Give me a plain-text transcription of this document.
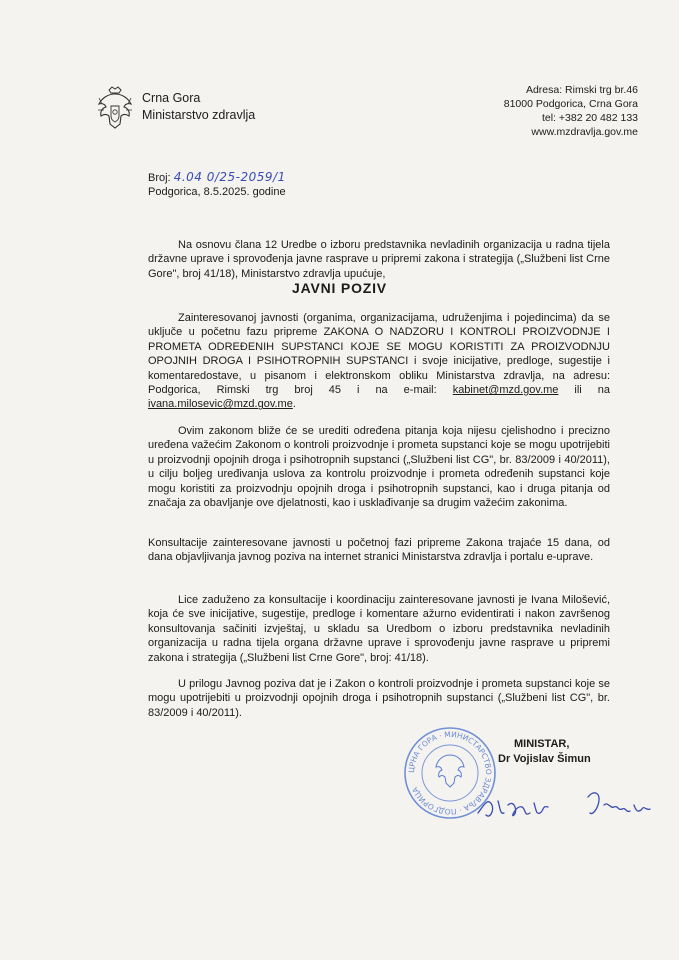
Crna Gora
Ministarstvo zdravlja
Adresa: Rimski trg br.46
81000 Podgorica, Crna Gora
tel: +382 20 482 133
www.mzdravlja.gov.me
Broj: 4.04 0/25-2059/1
Podgorica, 8.5.2025. godine
Na osnovu člana 12 Uredbe o izboru predstavnika nevladinih organizacija u radna tijela državne uprave i sprovođenja javne rasprave u pripremi zakona i strategija („Službeni list Crne Gore", broj 41/18), Ministarstvo zdravlja upućuje,
JAVNI POZIV
Zainteresovanoj javnosti (organima, organizacijama, udruženjima i pojedincima) da se uključe u početnu fazu pripreme ZAKONA O NADZORU I KONTROLI PROIZVODNJE I PROMETA ODREĐENIH SUPSTANCI KOJE SE MOGU KORISTITI ZA PROIZVODNJU OPOJNIH DROGA I PSIHOTROPNIH SUPSTANCI i svoje inicijative, predloge, sugestije i komentaredostave, u pisanom i elektronskom obliku Ministarstva zdravlja, na adresu: Podgorica, Rimski trg broj 45 i na e-mail: kabinet@mzd.gov.me ili na ivana.milosevic@mzd.gov.me.
Ovim zakonom bliže će se urediti određena pitanja koja nijesu cjelishodno i precizno uređena važećim Zakonom o kontroli proizvodnje i prometa supstanci koje se mogu upotrijebiti u proizvodnji opojnih droga i psihotropnih supstanci („Službeni list CG", br. 83/2009 i 40/2011), u cilju boljeg uređivanja uslova za kontrolu proizvodnje i prometa određenih supstanci koje mogu koristiti za proizvodnju opojnih droga i psihotropnih supstanci, kao i druga pitanja od značaja za obavljanje ove djelatnosti, kao i usklađivanje sa drugim važećim zakonima.
Konsultacije zainteresovane javnosti u početnoj fazi pripreme Zakona trajaće 15 dana, od dana objavljivanja javnog poziva na internet stranici Ministarstva zdravlja i portalu e-uprave.
Lice zaduženo za konsultacije i koordinaciju zainteresovane javnosti je Ivana Milošević, koja će sve inicijative, sugestije, predloge i komentare ažurno evidentirati i nakon završenog konsultovanja sačiniti izvještaj, u skladu sa Uredbom o izboru predstavnika nevladinih organizacija u radna tijela organa državne uprave i sprovođenju javne rasprave u pripremi zakona i strategija („Službeni list Crne Gore", broj: 41/18).
U prilogu Javnog poziva dat je i Zakon o kontroli proizvodnje i prometa supstanci koje se mogu upotrijebiti u proizvodnji opojnih droga i psihotropnih supstanci („Službeni list CG", br. 83/2009 i 40/2011).
ЦРНА ГОРА · МИНИСТАРСТВО ЗДРАВЉА · ПОДГОРИЦА
MINISTAR,
Dr Vojislav Šimun
